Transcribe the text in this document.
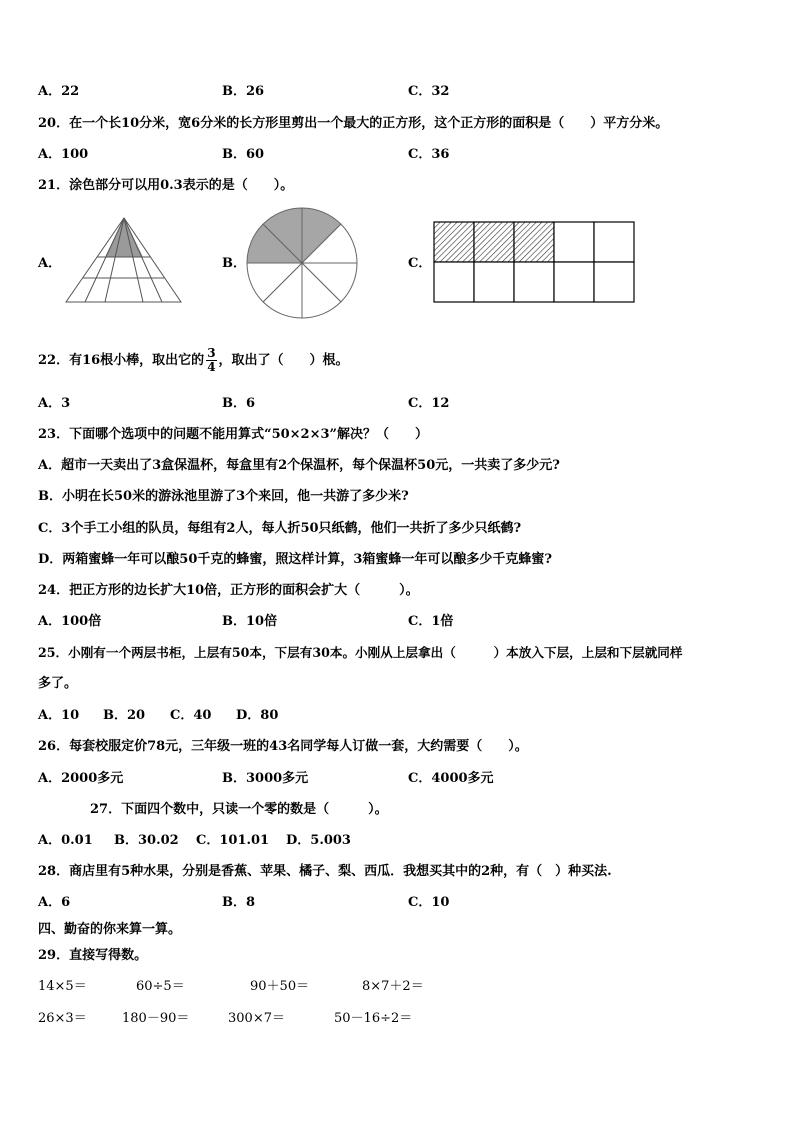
A．22	B．26	C．32
20．在一个长10分米，宽6分米的长方形里剪出一个最大的正方形，这个正方形的面积是（　　）平方分米。
A．100	B．60	C．36
21．涂色部分可以用0.3表示的是（　　）。
A．	B．	C．
22．有16根小棒，取出它的 $\frac{3}{4}$ ，取出了（　　）根。
A．3	B．6	C．12
23．下面哪个选项中的问题不能用算式“50×2×3”解决？（　　）
A．超市一天卖出了3盒保温杯，每盒里有2个保温杯，每个保温杯50元，一共卖了多少元?
B．小明在长50米的游泳池里游了3个来回，他一共游了多少米?
C．3个手工小组的队员，每组有2人，每人折50只纸鹤，他们一共折了多少只纸鹤?
D．两箱蜜蜂一年可以酿50千克的蜂蜜，照这样计算，3箱蜜蜂一年可以酿多少千克蜂蜜?
24．把正方形的边长扩大10倍，正方形的面积会扩大（　　　）。
A．100倍	B．10倍	C．1倍
25．小刚有一个两层书柜，上层有50本，下层有30本。小刚从上层拿出（　　　）本放入下层，上层和下层就同样
多了。
A．10 B．20 C．40 D．80
26．每套校服定价78元，三年级一班的43名同学每人订做一套，大约需要（　　）。
A．2000多元	B．3000多元	C．4000多元
27．下面四个数中，只读一个零的数是（　　　）。
A．0.01 B．30.02 C．101.01 D．5.003
28．商店里有5种水果，分别是香蕉、苹果、橘子、梨、西瓜．我想买其中的2种，有（　）种买法.
A．6	B．8	C．10
四、勤奋的你来算一算。
29．直接写得数。
14×5＝	60÷5＝	90＋50＝	8×7＋2＝
26×3＝	180－90＝	300×7＝	50－16÷2＝
